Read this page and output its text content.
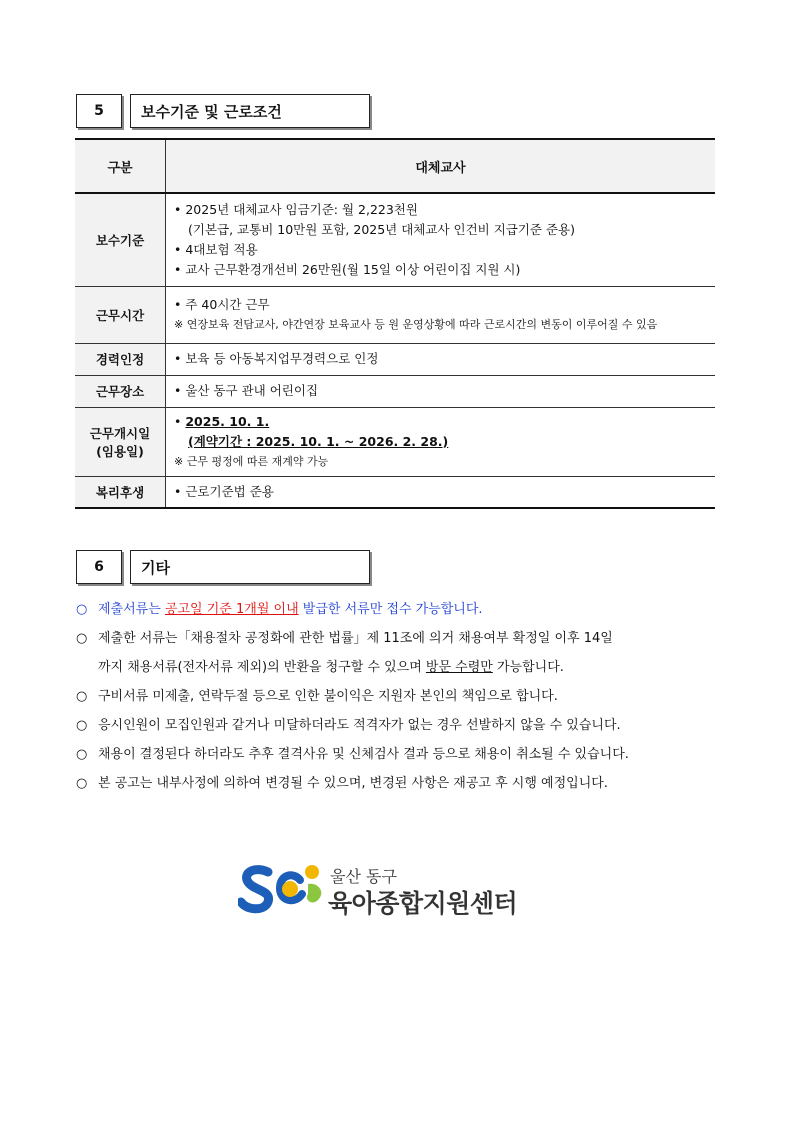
5	보수기준 및 근로조건
구분	대체교사
보수기준	• 2025년 대체교사 임금기준: 월 2,223천원
(기본급, 교통비 10만원 포함, 2025년 대체교사 인건비 지급기준 준용)
• 4대보험 적용
• 교사 근무환경개선비 26만원(월 15일 이상 어린이집 지원 시)

근무시간	• 주 40시간 근무
※ 연장보육 전담교사, 야간연장 보육교사 등 원 운영상황에 따라 근로시간의 변동이 이루어질 수 있음

경력인정	• 보육 등 아동복지업무경력으로 인정

근무장소	• 울산 동구 관내 어린이집

근무개시일
(임용일)	• 2025. 10. 1.
(계약기간 : 2025. 10. 1. ~ 2026. 2. 28.)
※ 근무 평정에 따른 재계약 가능

복리후생	• 근로기준법 준용
6	기타
○ 제출서류는 공고일 기준 1개월 이내 발급한 서류만 접수 가능합니다.
○ 제출한 서류는「채용절차 공정화에 관한 법률」제 11조에 의거 채용여부 확정일 이후 14일
까지 채용서류(전자서류 제외)의 반환을 청구할 수 있으며 방문 수령만 가능합니다.
○ 구비서류 미제출, 연락두절 등으로 인한 불이익은 지원자 본인의 책임으로 합니다.
○ 응시인원이 모집인원과 같거나 미달하더라도 적격자가 없는 경우 선발하지 않을 수 있습니다.
○ 채용이 결정된다 하더라도 추후 결격사유 및 신체검사 결과 등으로 채용이 취소될 수 있습니다.
○ 본 공고는 내부사정에 의하여 변경될 수 있으며, 변경된 사항은 재공고 후 시행 예정입니다.
울산 동구
육아종합지원센터
